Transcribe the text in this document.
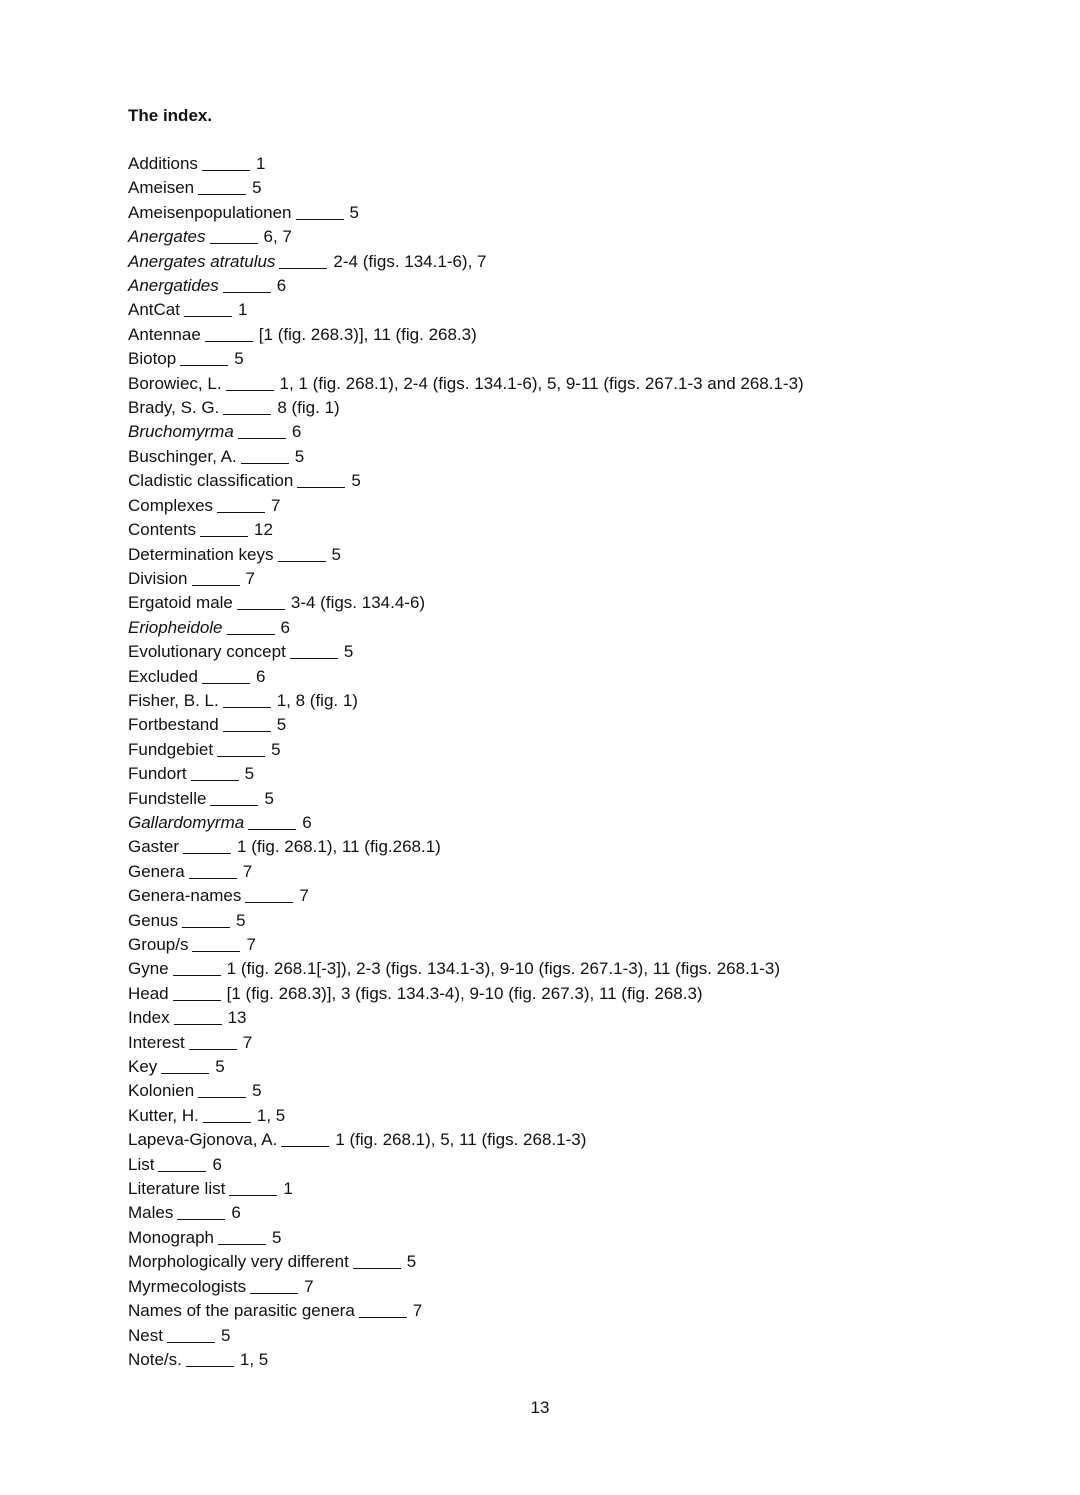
The index.
Additions	1
Ameisen	5
Ameisenpopulationen	5
Anergates	6, 7
Anergates atratulus	2-4 (figs. 134.1-6), 7
Anergatides	6
AntCat	1
Antennae	[1 (fig. 268.3)], 11 (fig. 268.3)
Biotop	5
Borowiec, L.	1, 1 (fig. 268.1), 2-4 (figs. 134.1-6), 5, 9-11 (figs. 267.1-3 and 268.1-3)
Brady, S. G.	8 (fig. 1)
Bruchomyrma	6
Buschinger, A.	5
Cladistic classification	5
Complexes	7
Contents	12
Determination keys	5
Division	7
Ergatoid male	3-4 (figs. 134.4-6)
Eriopheidole	6
Evolutionary concept	5
Excluded	6
Fisher, B. L.	1, 8 (fig. 1)
Fortbestand	5
Fundgebiet	5
Fundort	5
Fundstelle	5
Gallardomyrma	6
Gaster	1 (fig. 268.1), 11 (fig.268.1)
Genera	7
Genera-names	7
Genus	5
Group/s	7
Gyne	1 (fig. 268.1[-3]), 2-3 (figs. 134.1-3), 9-10 (figs. 267.1-3), 11 (figs. 268.1-3)
Head	[1 (fig. 268.3)], 3 (figs. 134.3-4), 9-10 (fig. 267.3), 11 (fig. 268.3)
Index	13
Interest	7
Key	5
Kolonien	5
Kutter, H.	1, 5
Lapeva-Gjonova, A.	1 (fig. 268.1), 5, 11 (figs. 268.1-3)
List	6
Literature list	1
Males	6
Monograph	5
Morphologically very different	5
Myrmecologists	7
Names of the parasitic genera	7
Nest	5
Note/s.	1, 5
13
